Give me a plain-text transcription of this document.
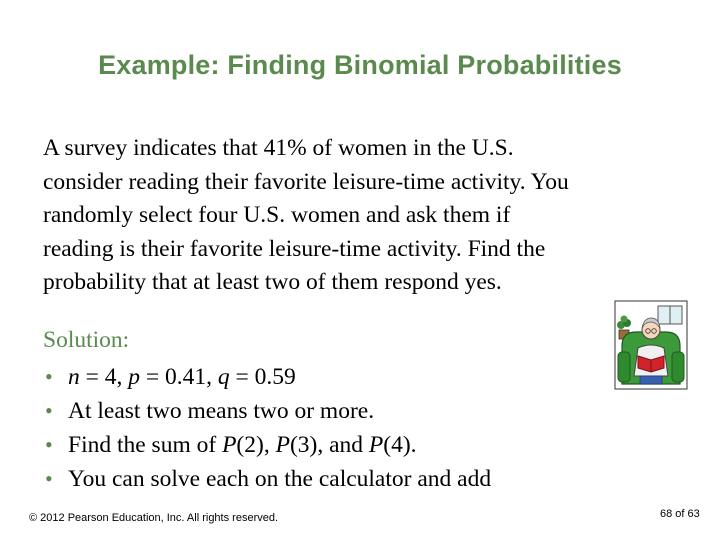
Example: Finding Binomial Probabilities
A survey indicates that 41% of women in the U.S.
consider reading their favorite leisure-time activity. You
randomly select four U.S. women and ask them if
reading is their favorite leisure-time activity. Find the
probability that at least two of them respond yes.
Solution:
• n = 4, p = 0.41, q = 0.59
• At least two means two or more.
• Find the sum of P(2), P(3), and P(4).
• You can solve each on the calculator and add
© 2012 Pearson Education, Inc. All rights reserved.	68 of 63
